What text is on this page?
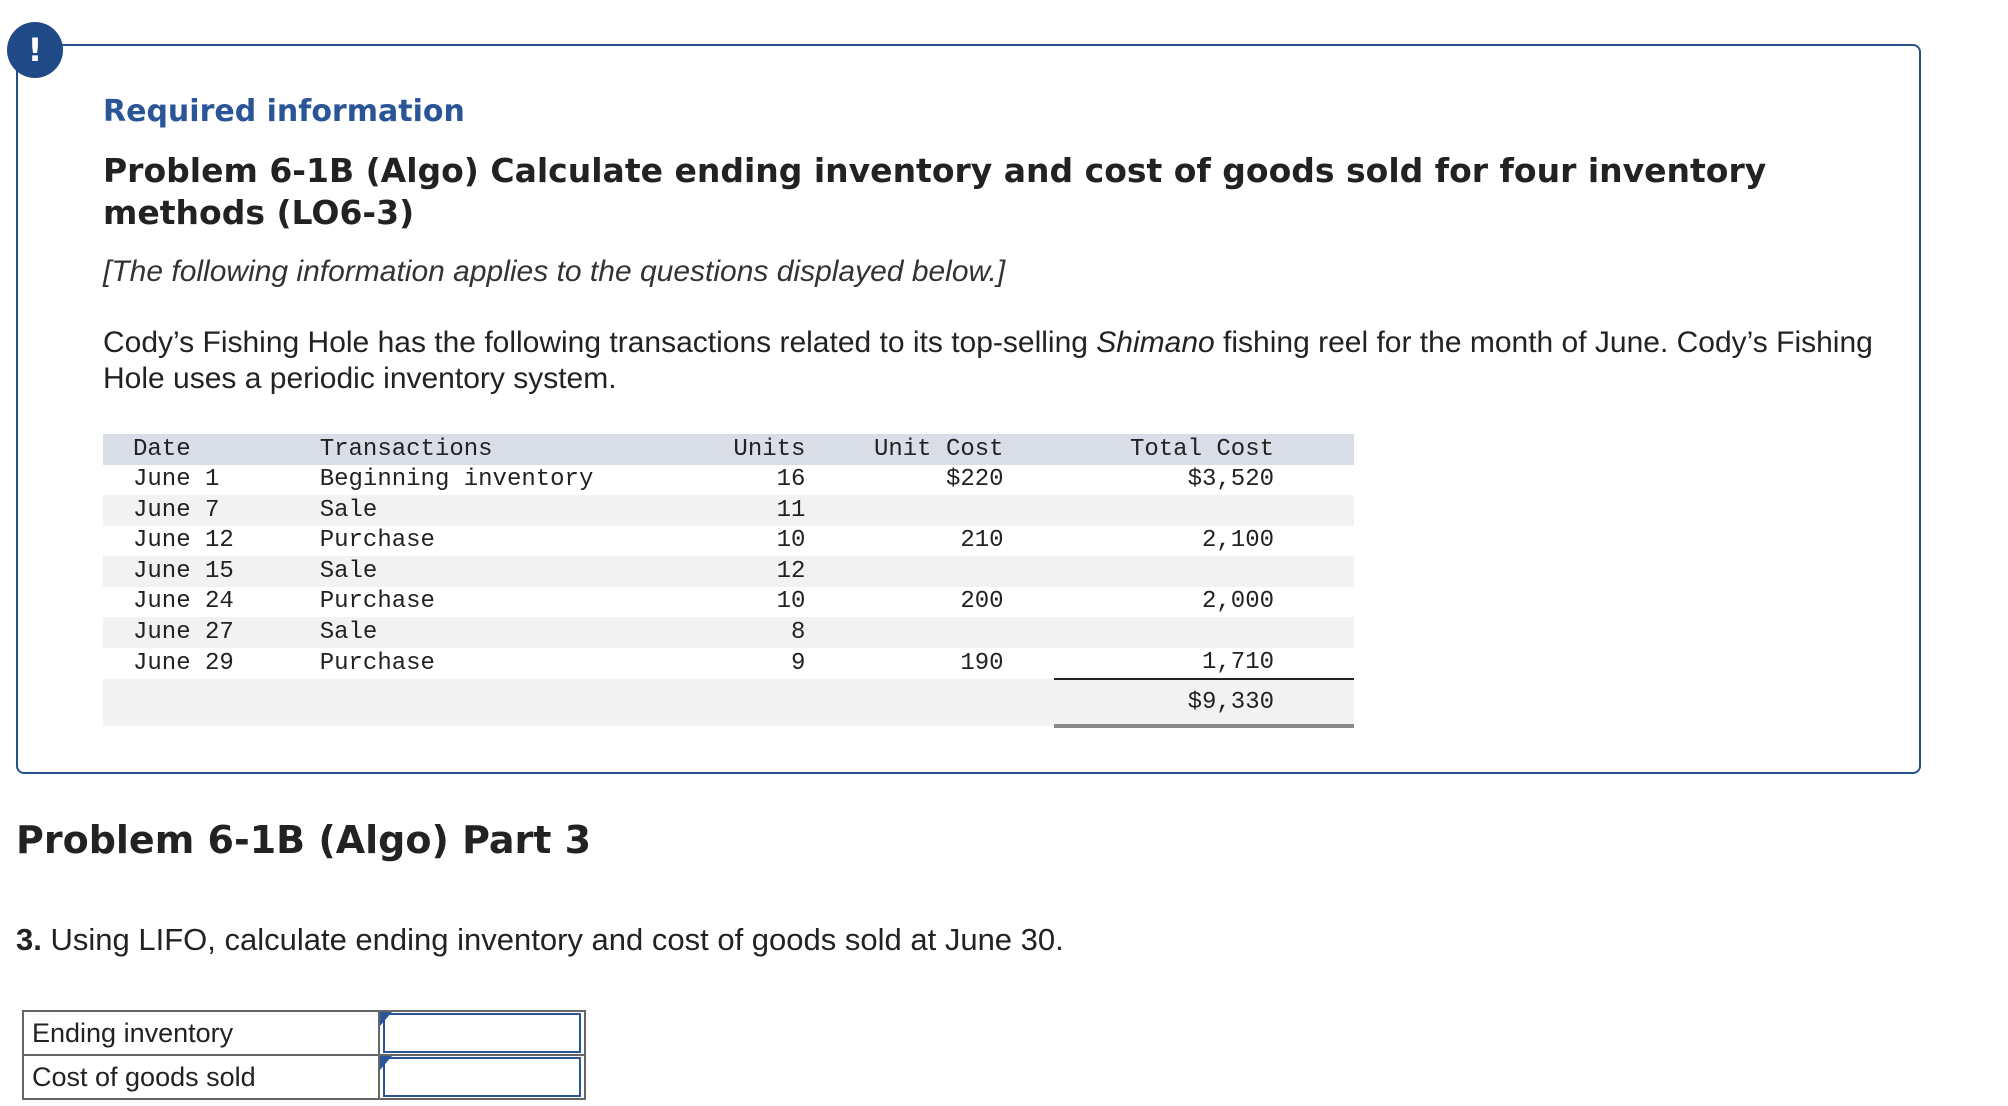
!
Required information
Problem 6-1B (Algo) Calculate ending inventory and cost of goods sold for four inventory methods (LO6-3)
[The following information applies to the questions displayed below.]
Cody’s Fishing Hole has the following transactions related to its top-selling Shimano fishing reel for the month of June. Cody’s Fishing Hole uses a periodic inventory system.
Date	Transactions	Units	Unit Cost	Total Cost
June 1	Beginning inventory	16	$220	$3,520
June 7	Sale	11		
June 12	Purchase	10	210	2,100
June 15	Sale	12		
June 24	Purchase	10	200	2,000
June 27	Sale	8		
June 29	Purchase	9	190	1,710
				$9,330
Problem 6-1B (Algo) Part 3
3. Using LIFO, calculate ending inventory and cost of goods sold at June 30.
Ending inventory	

Cost of goods sold	
